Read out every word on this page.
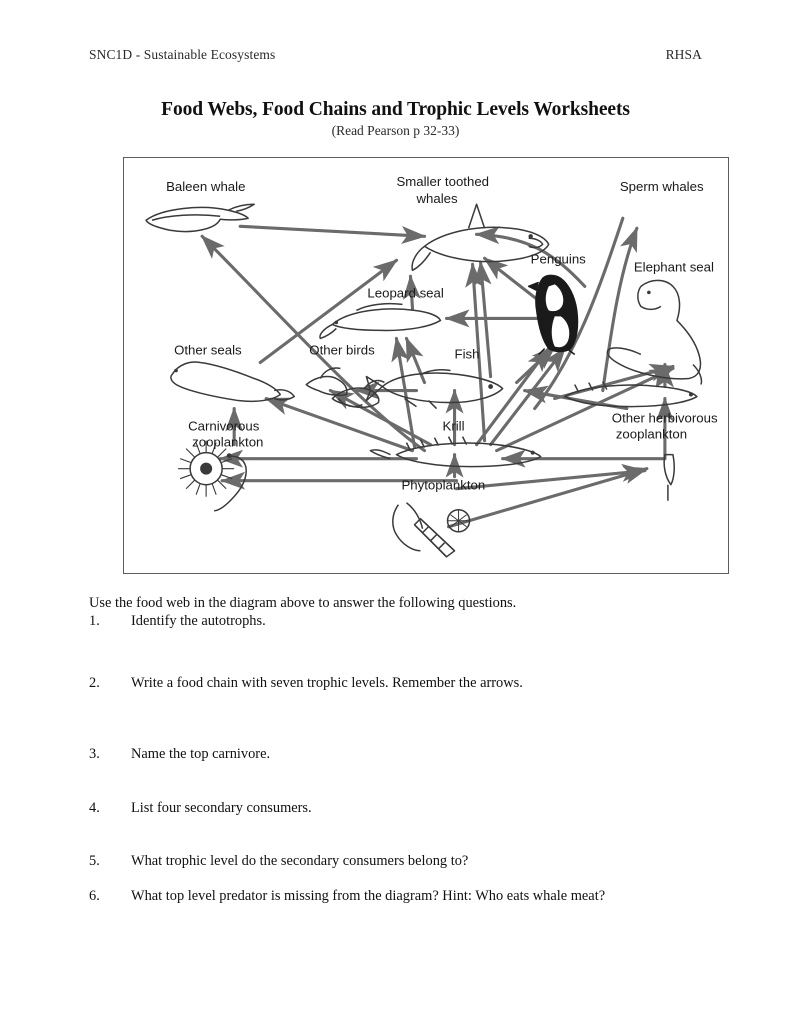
SNC1D - Sustainable Ecosystems	RHSA
Food Webs, Food Chains and Trophic Levels Worksheets
(Read Pearson p 32-33)
Baleen whale	Smaller toothed
whales
Sperm whales
Penguins
Elephant seal
Leopard seal
Other seals	Other birds	Fish
Krill
Carnivorous
zooplankton
Other herbivorous
zooplankton
Phytoplankton
Use the food web in the diagram above to answer the following questions.
1.	Identify the autotrophs.
2.	Write a food chain with seven trophic levels. Remember the arrows.
3.	Name the top carnivore.
4.	List four secondary consumers.
5.	What trophic level do the secondary consumers belong to?
6.	What top level predator is missing from the diagram? Hint: Who eats whale meat?
